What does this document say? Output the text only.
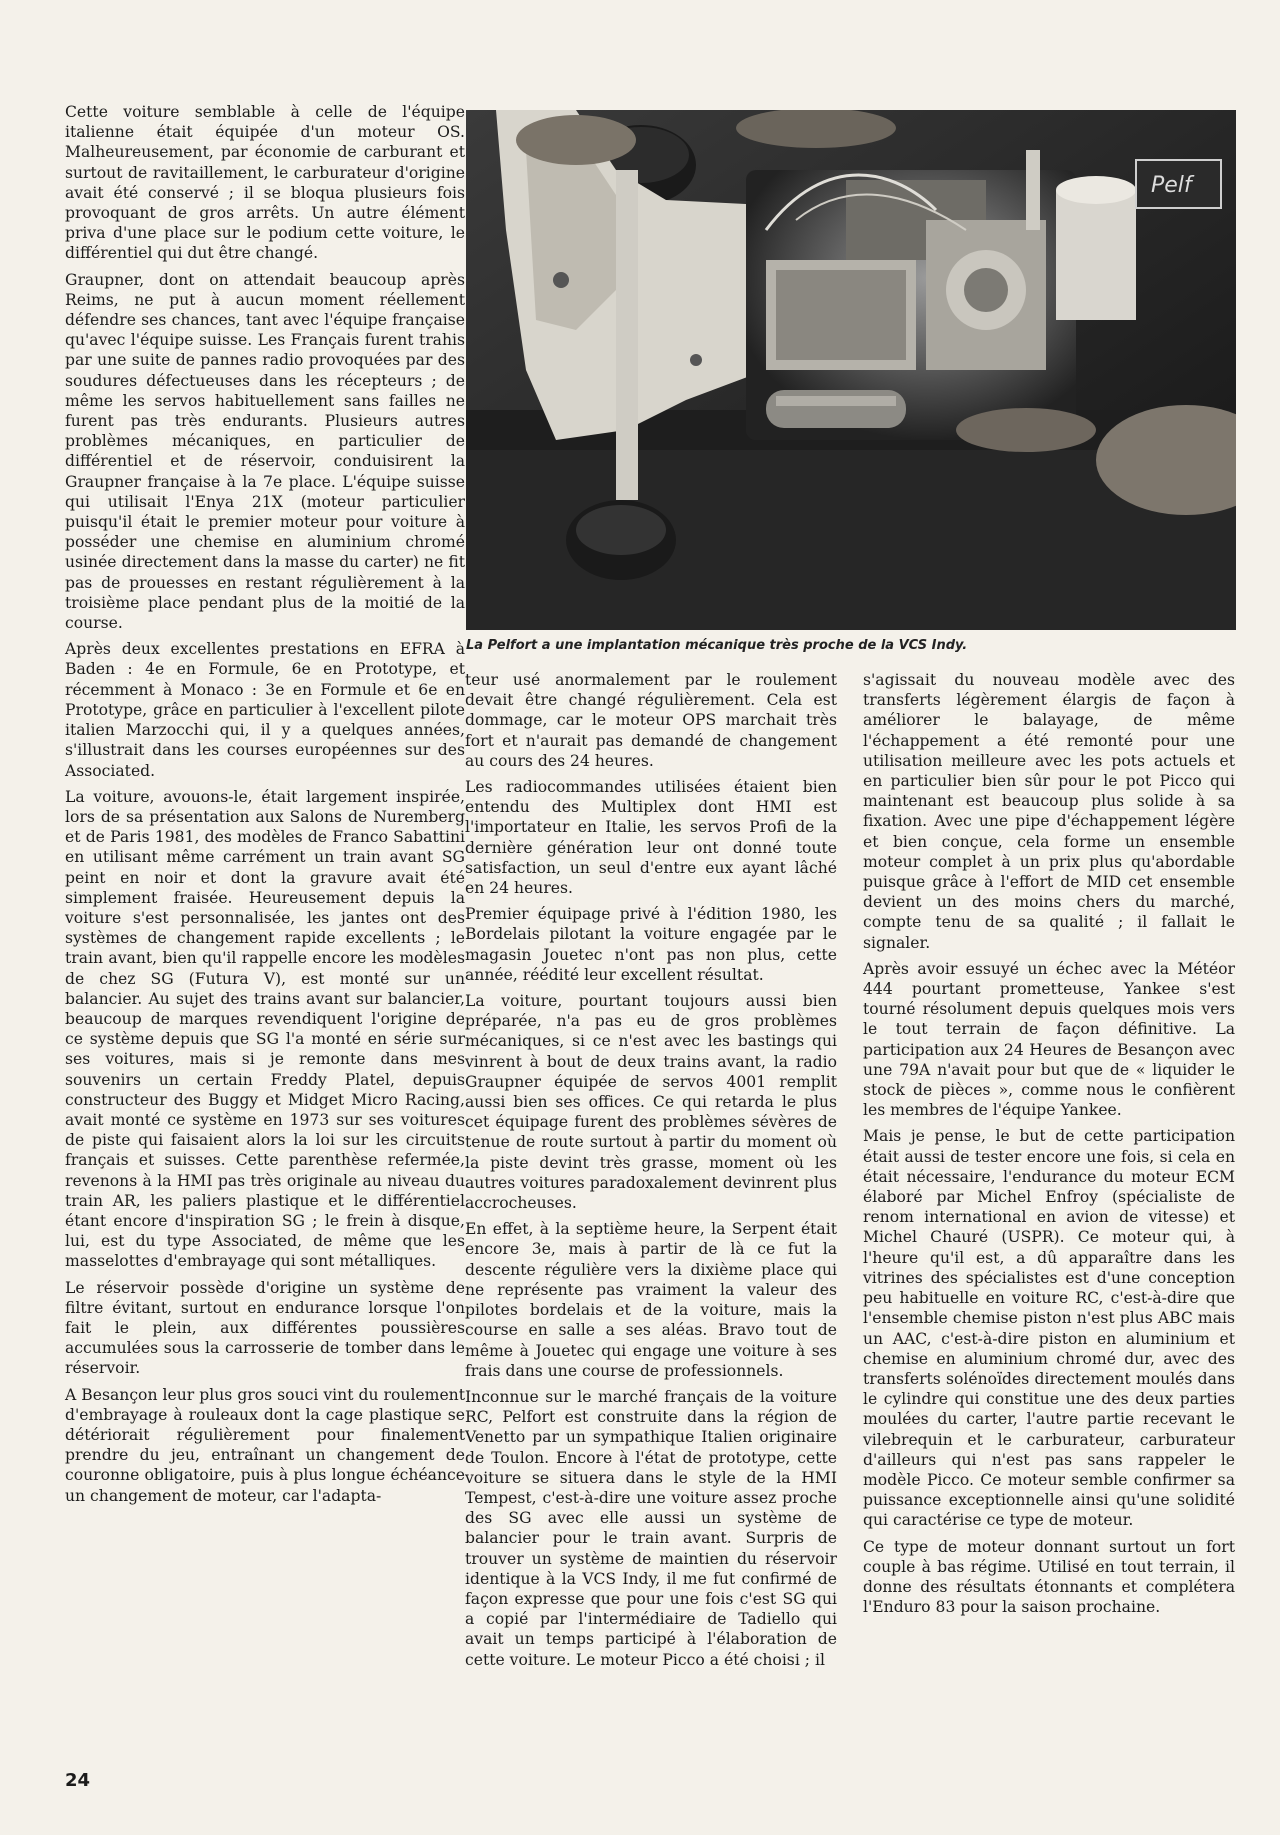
Cette voiture semblable à celle de l'équipe italienne était équipée d'un moteur OS. Malheureusement, par économie de carburant et surtout de ravitaillement, le carburateur d'origine avait été conservé ; il se bloqua plusieurs fois provoquant de gros arrêts. Un autre élément priva d'une place sur le podium cette voiture, le différentiel qui dut être changé.

Graupner, dont on attendait beaucoup après Reims, ne put à aucun moment réellement défendre ses chances, tant avec l'équipe française qu'avec l'équipe suisse. Les Français furent trahis par une suite de pannes radio provoquées par des soudures défectueuses dans les récepteurs ; de même les servos habituellement sans failles ne furent pas très endurants. Plusieurs autres problèmes mécaniques, en particulier de différentiel et de réservoir, conduisirent la Graupner française à la 7e place. L'équipe suisse qui utilisait l'Enya 21X (moteur particulier puisqu'il était le premier moteur pour voiture à posséder une chemise en aluminium chromé usinée directement dans la masse du carter) ne fit pas de prouesses en restant régulièrement à la troisième place pendant plus de la moitié de la course.

Après deux excellentes prestations en EFRA à Baden : 4e en Formule, 6e en Prototype, et récemment à Monaco : 3e en Formule et 6e en Prototype, grâce en particulier à l'excellent pilote italien Marzocchi qui, il y a quelques années, s'illustrait dans les courses européennes sur des Associated.

La voiture, avouons-le, était largement inspirée, lors de sa présentation aux Salons de Nuremberg et de Paris 1981, des modèles de Franco Sabattini en utilisant même carrément un train avant SG peint en noir et dont la gravure avait été simplement fraisée. Heureusement depuis la voiture s'est personnalisée, les jantes ont des systèmes de changement rapide excellents ; le train avant, bien qu'il rappelle encore les modèles de chez SG (Futura V), est monté sur un balancier. Au sujet des trains avant sur balancier, beaucoup de marques revendiquent l'origine de ce système depuis que SG l'a monté en série sur ses voitures, mais si je remonte dans mes souvenirs un certain Freddy Platel, depuis constructeur des Buggy et Midget Micro Racing, avait monté ce système en 1973 sur ses voitures de piste qui faisaient alors la loi sur les circuits français et suisses. Cette parenthèse refermée, revenons à la HMI pas très originale au niveau du train AR, les paliers plastique et le différentiel étant encore d'inspiration SG ; le frein à disque, lui, est du type Associated, de même que les masselottes d'embrayage qui sont métalliques.

Le réservoir possède d'origine un système de filtre évitant, surtout en endurance lorsque l'on fait le plein, aux différentes poussières accumulées sous la carrosserie de tomber dans le réservoir.

A Besançon leur plus gros souci vint du roulement d'embrayage à rouleaux dont la cage plastique se détériorait régulièrement pour finalement prendre du jeu, entraînant un changement de couronne obligatoire, puis à plus longue échéance un changement de moteur, car l'adapta-

Pelf
La Pelfort a une implantation mécanique très proche de la VCS Indy.

teur usé anormalement par le roulement devait être changé régulièrement. Cela est dommage, car le moteur OPS marchait très fort et n'aurait pas demandé de changement au cours des 24 heures.

Les radiocommandes utilisées étaient bien entendu des Multiplex dont HMI est l'importateur en Italie, les servos Profi de la dernière génération leur ont donné toute satisfaction, un seul d'entre eux ayant lâché en 24 heures.

Premier équipage privé à l'édition 1980, les Bordelais pilotant la voiture engagée par le magasin Jouetec n'ont pas non plus, cette année, réédité leur excellent résultat.

La voiture, pourtant toujours aussi bien préparée, n'a pas eu de gros problèmes mécaniques, si ce n'est avec les bastings qui vinrent à bout de deux trains avant, la radio Graupner équipée de servos 4001 remplit aussi bien ses offices. Ce qui retarda le plus cet équipage furent des problèmes sévères de tenue de route surtout à partir du moment où la piste devint très grasse, moment où les autres voitures paradoxalement devinrent plus accrocheuses.

En effet, à la septième heure, la Serpent était encore 3e, mais à partir de là ce fut la descente régulière vers la dixième place qui ne représente pas vraiment la valeur des pilotes bordelais et de la voiture, mais la course en salle a ses aléas. Bravo tout de même à Jouetec qui engage une voiture à ses frais dans une course de professionnels.

Inconnue sur le marché français de la voiture RC, Pelfort est construite dans la région de Venetto par un sympathique Italien originaire de Toulon. Encore à l'état de prototype, cette voiture se situera dans le style de la HMI Tempest, c'est-à-dire une voiture assez proche des SG avec elle aussi un système de balancier pour le train avant. Surpris de trouver un système de maintien du réservoir identique à la VCS Indy, il me fut confirmé de façon expresse que pour une fois c'est SG qui a copié par l'intermédiaire de Tadiello qui avait un temps participé à l'élaboration de cette voiture. Le moteur Picco a été choisi ; il

s'agissait du nouveau modèle avec des transferts légèrement élargis de façon à améliorer le balayage, de même l'échappement a été remonté pour une utilisation meilleure avec les pots actuels et en particulier bien sûr pour le pot Picco qui maintenant est beaucoup plus solide à sa fixation. Avec une pipe d'échappement légère et bien conçue, cela forme un ensemble moteur complet à un prix plus qu'abordable puisque grâce à l'effort de MID cet ensemble devient un des moins chers du marché, compte tenu de sa qualité ; il fallait le signaler.

Après avoir essuyé un échec avec la Météor 444 pourtant prometteuse, Yankee s'est tourné résolument depuis quelques mois vers le tout terrain de façon définitive. La participation aux 24 Heures de Besançon avec une 79A n'avait pour but que de « liquider le stock de pièces », comme nous le confièrent les membres de l'équipe Yankee.

Mais je pense, le but de cette participation était aussi de tester encore une fois, si cela en était nécessaire, l'endurance du moteur ECM élaboré par Michel Enfroy (spécialiste de renom international en avion de vitesse) et Michel Chauré (USPR). Ce moteur qui, à l'heure qu'il est, a dû apparaître dans les vitrines des spécialistes est d'une conception peu habituelle en voiture RC, c'est-à-dire que l'ensemble chemise piston n'est plus ABC mais un AAC, c'est-à-dire piston en aluminium et chemise en aluminium chromé dur, avec des transferts solénoïdes directement moulés dans le cylindre qui constitue une des deux parties moulées du carter, l'autre partie recevant le vilebrequin et le carburateur, carburateur d'ailleurs qui n'est pas sans rappeler le modèle Picco. Ce moteur semble confirmer sa puissance exceptionnelle ainsi qu'une solidité qui caractérise ce type de moteur.

Ce type de moteur donnant surtout un fort couple à bas régime. Utilisé en tout terrain, il donne des résultats étonnants et complétera l'Enduro 83 pour la saison prochaine.

24
